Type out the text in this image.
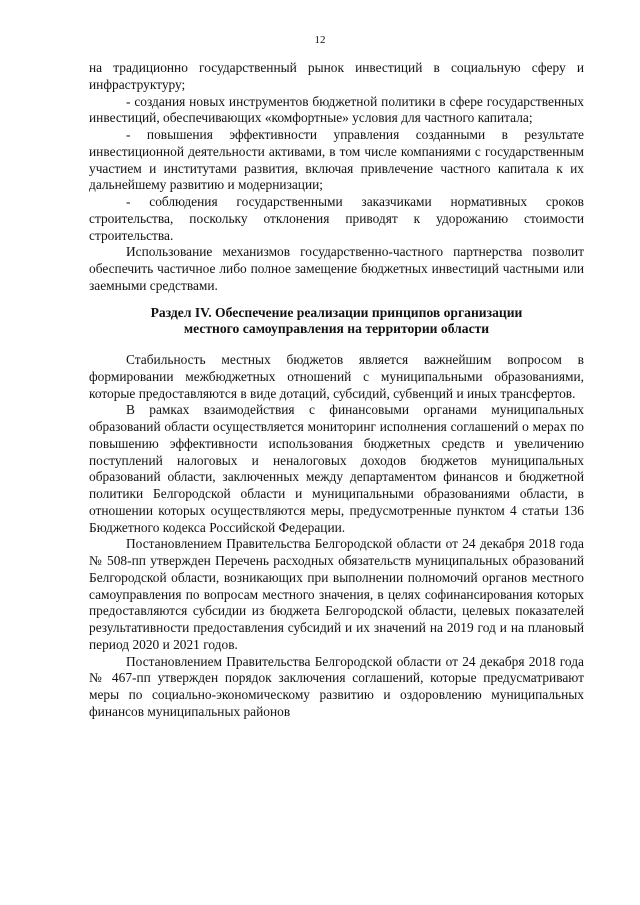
12

на традиционно государственный рынок инвестиций в социальную сферу и инфраструктуру;

- создания новых инструментов бюджетной политики в сфере государственных инвестиций, обеспечивающих «комфортные» условия для частного капитала;

- повышения эффективности управления созданными в результате инвестиционной деятельности активами, в том числе компаниями с государственным участием и институтами развития, включая привлечение частного капитала к их дальнейшему развитию и модернизации;

- соблюдения государственными заказчиками нормативных сроков строительства, поскольку отклонения приводят к удорожанию стоимости строительства.

Использование механизмов государственно-частного партнерства позволит обеспечить частичное либо полное замещение бюджетных инвестиций частными или заемными средствами.

Раздел IV. Обеспечение реализации принципов организации
местного самоуправления на территории области

Стабильность местных бюджетов является важнейшим вопросом в формировании межбюджетных отношений с муниципальными образованиями, которые предоставляются в виде дотаций, субсидий, субвенций и иных трансфертов.

В рамках взаимодействия с финансовыми органами муниципальных образований области осуществляется мониторинг исполнения соглашений о мерах по повышению эффективности использования бюджетных средств и увеличению поступлений налоговых и неналоговых доходов бюджетов муниципальных образований области, заключенных между департаментом финансов и бюджетной политики Белгородской области и муниципальными образованиями области, в отношении которых осуществляются меры, предусмотренные пунктом 4 статьи 136 Бюджетного кодекса Российской Федерации.

Постановлением Правительства Белгородской области от 24 декабря 2018 года № 508-пп утвержден Перечень расходных обязательств муниципальных образований Белгородской области, возникающих при выполнении полномочий органов местного самоуправления по вопросам местного значения, в целях софинансирования которых предоставляются субсидии из бюджета Белгородской области, целевых показателей результативности предоставления субсидий и их значений на 2019 год и на плановый период 2020 и 2021 годов.

Постановлением Правительства Белгородской области от 24 декабря 2018 года № 467-пп утвержден порядок заключения соглашений, которые предусматривают меры по социально-экономическому развитию и оздоровлению муниципальных финансов муниципальных районов
